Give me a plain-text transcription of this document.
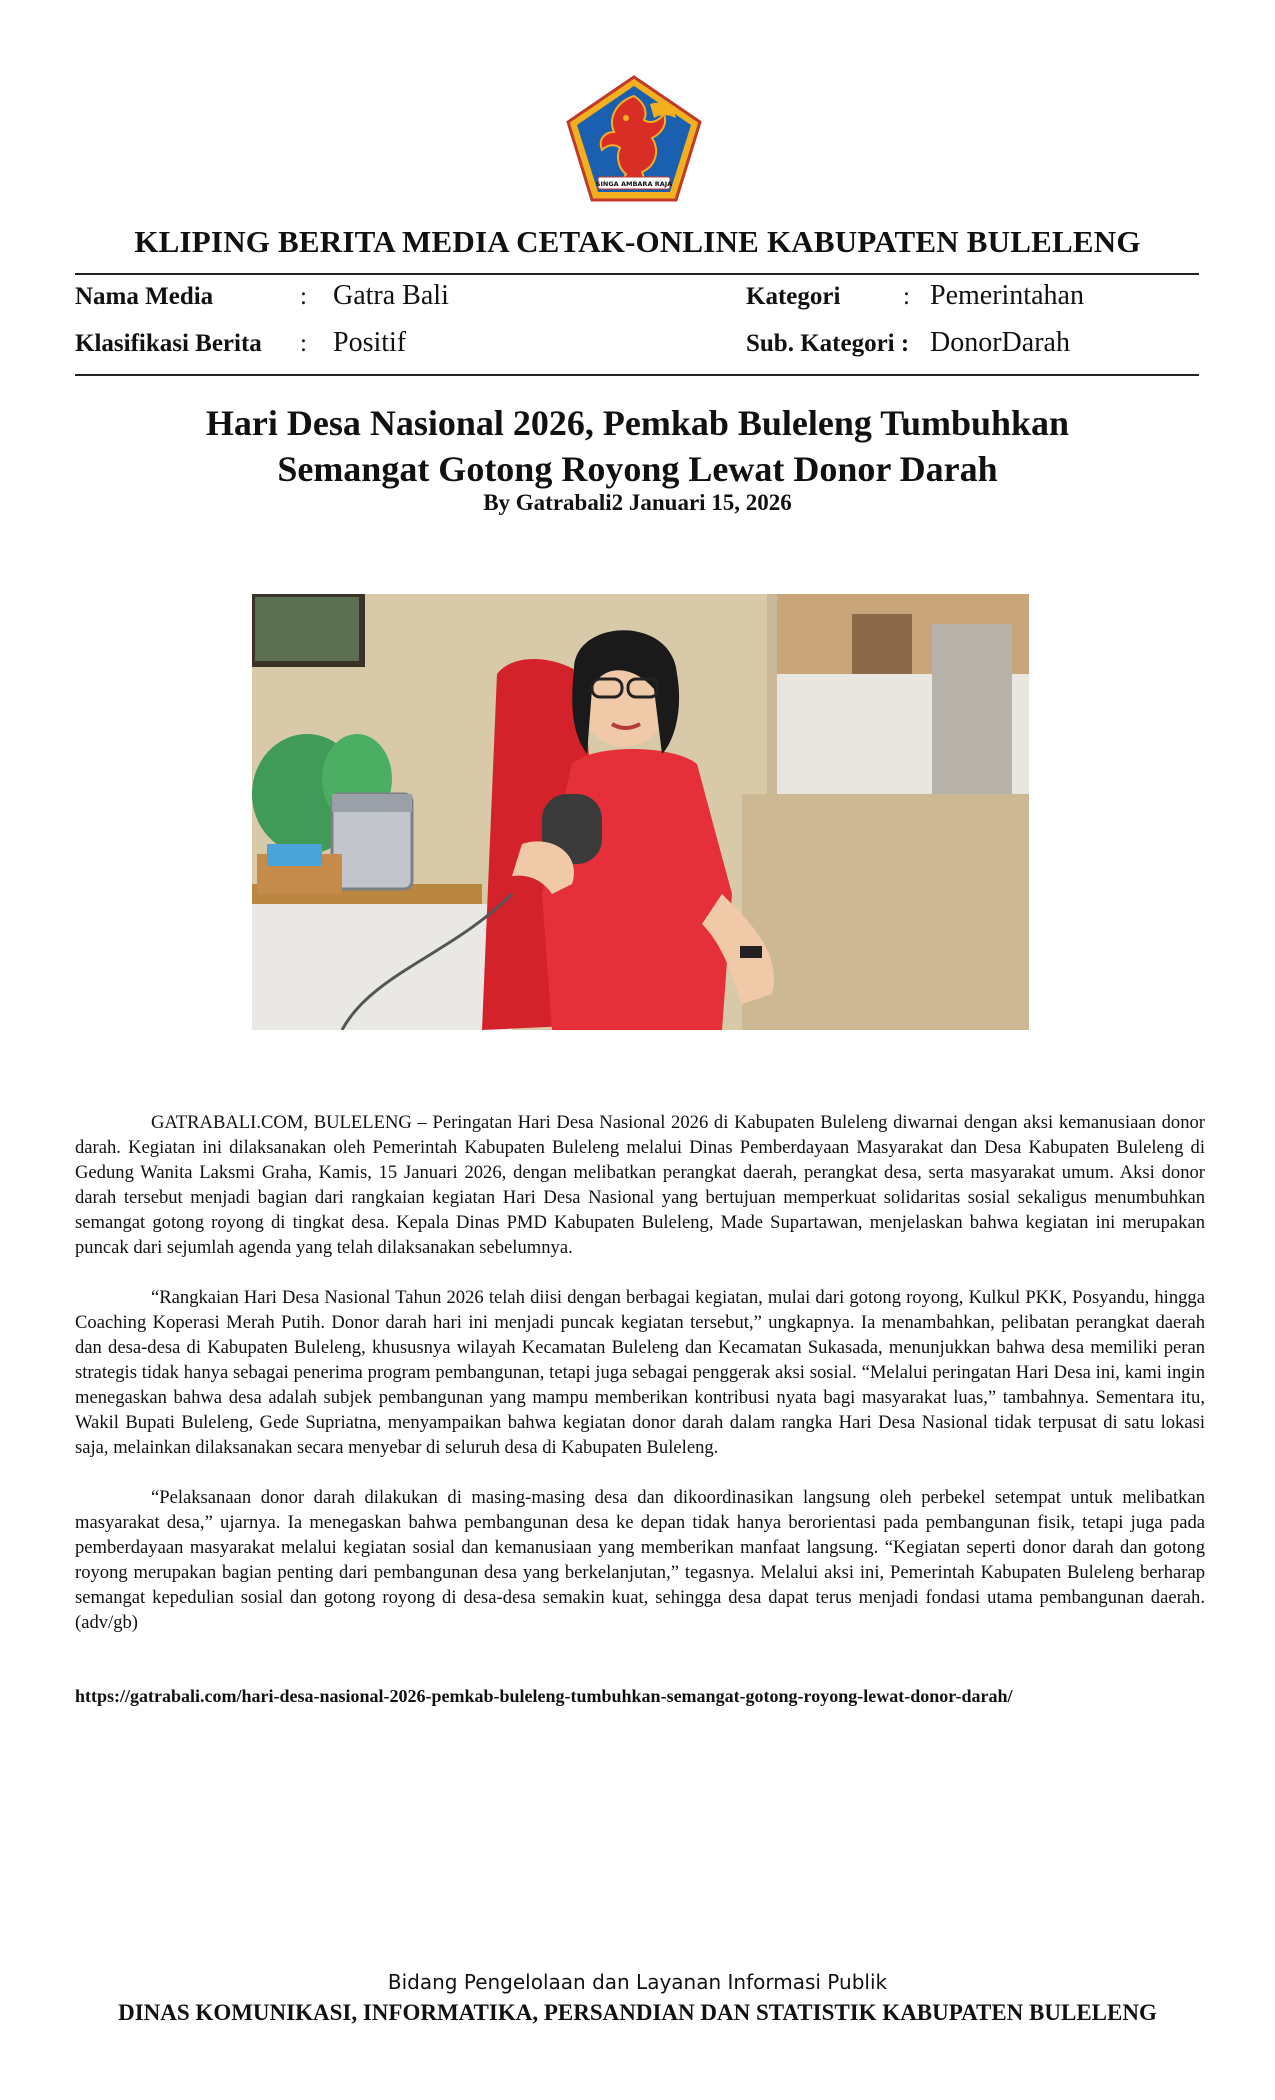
SINGA AMBARA RAJA
KLIPING BERITA MEDIA CETAK-ONLINE KABUPATEN BULELENG
Nama Media	: Gatra Bali	Kategori	: Pemerintahan
Klasifikasi Berita : Positif	Sub. Kategori : DonorDarah
Hari Desa Nasional 2026, Pemkab Buleleng Tumbuhkan
Semangat Gotong Royong Lewat Donor Darah
By Gatrabali2 Januari 15, 2026

GATRABALI.COM, BULELENG – Peringatan Hari Desa Nasional 2026 di Kabupaten Buleleng diwarnai dengan aksi kemanusiaan donor darah. Kegiatan ini dilaksanakan oleh Pemerintah Kabupaten Buleleng melalui Dinas Pemberdayaan Masyarakat dan Desa Kabupaten Buleleng di Gedung Wanita Laksmi Graha, Kamis, 15 Januari 2026, dengan melibatkan perangkat daerah, perangkat desa, serta masyarakat umum. Aksi donor darah tersebut menjadi bagian dari rangkaian kegiatan Hari Desa Nasional yang bertujuan memperkuat solidaritas sosial sekaligus menumbuhkan semangat gotong royong di tingkat desa. Kepala Dinas PMD Kabupaten Buleleng, Made Supartawan, menjelaskan bahwa kegiatan ini merupakan puncak dari sejumlah agenda yang telah dilaksanakan sebelumnya.

“Rangkaian Hari Desa Nasional Tahun 2026 telah diisi dengan berbagai kegiatan, mulai dari gotong royong, Kulkul PKK, Posyandu, hingga Coaching Koperasi Merah Putih. Donor darah hari ini menjadi puncak kegiatan tersebut,” ungkapnya. Ia menambahkan, pelibatan perangkat daerah dan desa-desa di Kabupaten Buleleng, khususnya wilayah Kecamatan Buleleng dan Kecamatan Sukasada, menunjukkan bahwa desa memiliki peran strategis tidak hanya sebagai penerima program pembangunan, tetapi juga sebagai penggerak aksi sosial. “Melalui peringatan Hari Desa ini, kami ingin menegaskan bahwa desa adalah subjek pembangunan yang mampu memberikan kontribusi nyata bagi masyarakat luas,” tambahnya. Sementara itu, Wakil Bupati Buleleng, Gede Supriatna, menyampaikan bahwa kegiatan donor darah dalam rangka Hari Desa Nasional tidak terpusat di satu lokasi saja, melainkan dilaksanakan secara menyebar di seluruh desa di Kabupaten Buleleng.

“Pelaksanaan donor darah dilakukan di masing-masing desa dan dikoordinasikan langsung oleh perbekel setempat untuk melibatkan masyarakat desa,” ujarnya. Ia menegaskan bahwa pembangunan desa ke depan tidak hanya berorientasi pada pembangunan fisik, tetapi juga pada pemberdayaan masyarakat melalui kegiatan sosial dan kemanusiaan yang memberikan manfaat langsung. “Kegiatan seperti donor darah dan gotong royong merupakan bagian penting dari pembangunan desa yang berkelanjutan,” tegasnya. Melalui aksi ini, Pemerintah Kabupaten Buleleng berharap semangat kepedulian sosial dan gotong royong di desa-desa semakin kuat, sehingga desa dapat terus menjadi fondasi utama pembangunan daerah.(adv/gb)

https://gatrabali.com/hari-desa-nasional-2026-pemkab-buleleng-tumbuhkan-semangat-gotong-royong-lewat-donor-darah/
Bidang Pengelolaan dan Layanan Informasi Publik
DINAS KOMUNIKASI, INFORMATIKA, PERSANDIAN DAN STATISTIK KABUPATEN BULELENG
